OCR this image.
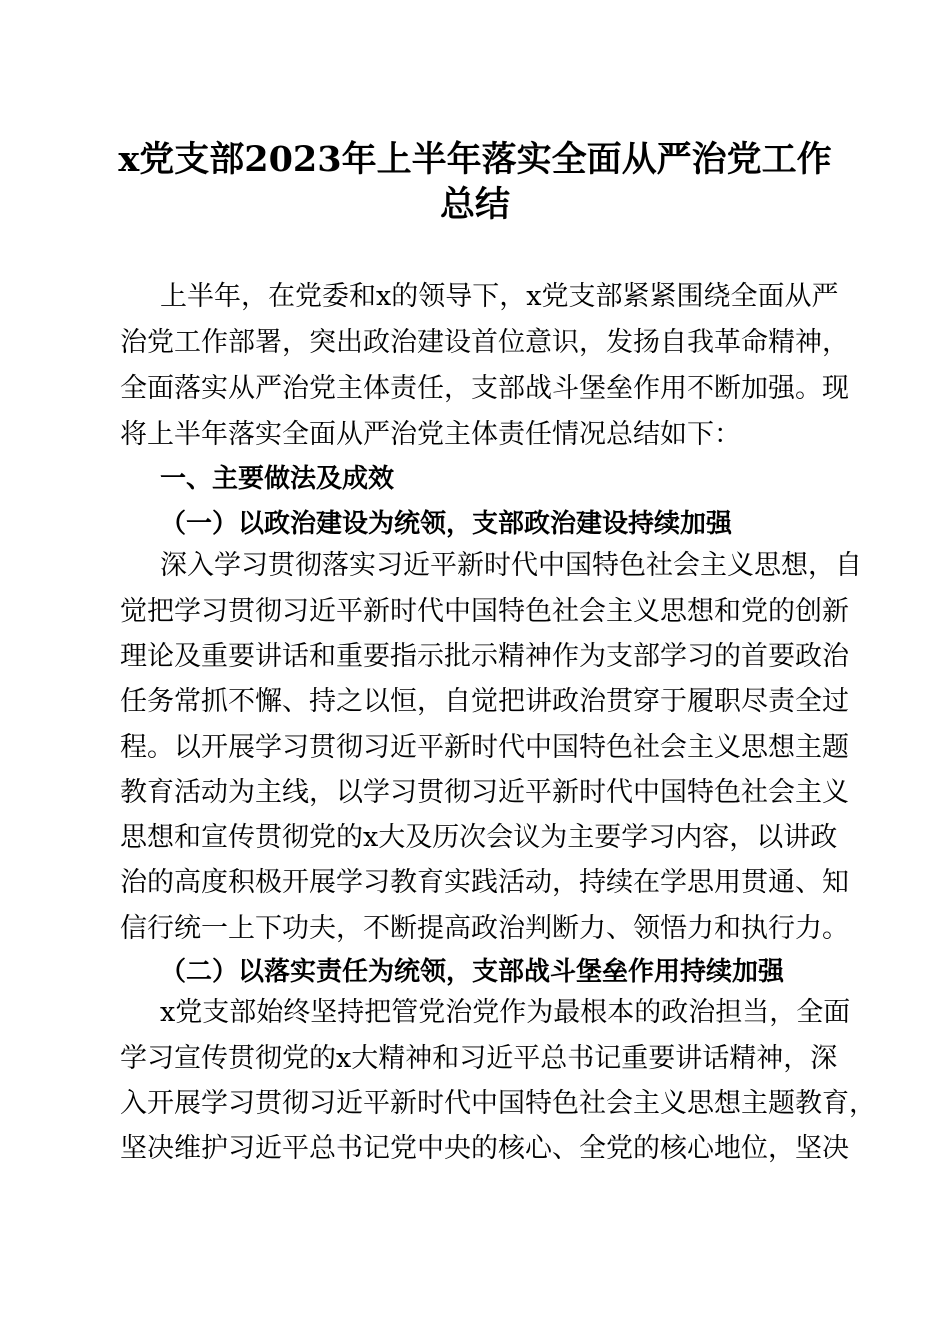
x党支部2023年上半年落实全面从严治党工作
总结
上半年，在党委和x的领导下，x党支部紧紧围绕全面从严
治党工作部署，突出政治建设首位意识，发扬自我革命精神，
全面落实从严治党主体责任，支部战斗堡垒作用不断加强。现
将上半年落实全面从严治党主体责任情况总结如下：
一、主要做法及成效
（一）以政治建设为统领，支部政治建设持续加强
深入学习贯彻落实习近平新时代中国特色社会主义思想，自
觉把学习贯彻习近平新时代中国特色社会主义思想和党的创新
理论及重要讲话和重要指示批示精神作为支部学习的首要政治
任务常抓不懈、持之以恒，自觉把讲政治贯穿于履职尽责全过
程。以开展学习贯彻习近平新时代中国特色社会主义思想主题
教育活动为主线，以学习贯彻习近平新时代中国特色社会主义
思想和宣传贯彻党的x大及历次会议为主要学习内容，以讲政
治的高度积极开展学习教育实践活动，持续在学思用贯通、知
信行统一上下功夫，不断提高政治判断力、领悟力和执行力。
（二）以落实责任为统领，支部战斗堡垒作用持续加强
x党支部始终坚持把管党治党作为最根本的政治担当，全面
学习宣传贯彻党的x大精神和习近平总书记重要讲话精神，深
入开展学习贯彻习近平新时代中国特色社会主义思想主题教育，
坚决维护习近平总书记党中央的核心、全党的核心地位，坚决
